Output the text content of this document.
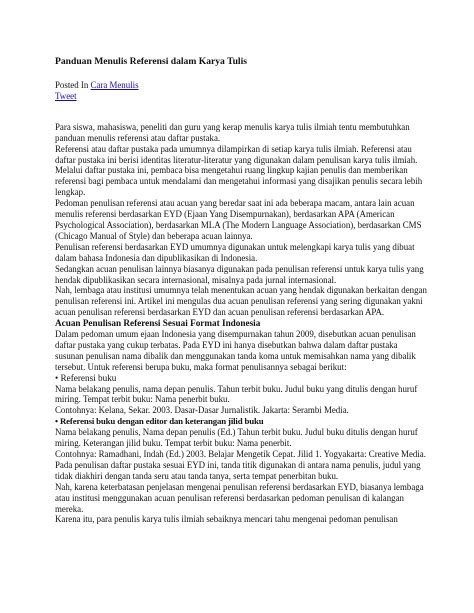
Panduan Menulis Referensi dalam Karya Tulis

Posted In Cara Menulis

Tweet

Para siswa, mahasiswa, peneliti dan guru yang kerap menulis karya tulis ilmiah tentu membutuhkan panduan menulis referensi atau daftar pustaka.

Referensi atau daftar pustaka pada umumnya dilampirkan di setiap karya tulis ilmiah. Referensi atau daftar pustaka ini berisi identitas literatur-literatur yang digunakan dalam penulisan karya tulis ilmiah.

Melalui daftar pustaka ini, pembaca bisa mengetahui ruang lingkup kajian penulis dan memberikan referensi bagi pembaca untuk mendalami dan mengetahui informasi yang disajikan penulis secara lebih lengkap.

Pedoman penulisan referensi atau acuan yang beredar saat ini ada beberapa macam, antara lain acuan menulis referensi berdasarkan EYD (Ejaan Yang Disempurnakan), berdasarkan APA (American Psychological Association), berdasarkan MLA (The Modern Language Association), berdasarkan CMS (Chicago Manual of Style) dan beberapa acuan lainnya.

Penulisan referensi berdasarkan EYD umumnya digunakan untuk melengkapi karya tulis yang dibuat dalam bahasa Indonesia dan dipublikasikan di Indonesia.

Sedangkan acuan penulisan lainnya biasanya digunakan pada penulisan referensi untuk karya tulis yang hendak dipublikasikan secara internasional, misalnya pada jurnal internasional.

Nah, lembaga atau institusi umumnya telah menentukan acuan yang hendak digunakan berkaitan dengan penulisan referensi ini. Artikel ini mengulas dua acuan penulisan referensi yang sering digunakan yakni acuan penulisan referensi berdasarkan EYD dan acuan penulisan referensi berdasarkan APA.

Acuan Penulisan Referensi Sesuai Format Indonesia

Dalam pedoman umum ejaan Indonesia yang disempurnakan tahun 2009, disebutkan acuan penulisan daftar pustaka yang cukup terbatas. Pada EYD ini hanya disebutkan bahwa dalam daftar pustaka susunan penulisan nama dibalik dan menggunakan tanda koma untuk memisahkan nama yang dibalik tersebut. Untuk referensi berupa buku, maka format penulisannya sebagai berikut:

• Referensi buku

Nama belakang penulis, nama depan penulis. Tahun terbit buku. Judul buku yang ditulis dengan huruf miring. Tempat terbit buku: Nama penerbit buku.

Contohnya: Kelana, Sekar. 2003. Dasar-Dasar Jurnalistik. Jakarta: Serambi Media.

• Referensi buku dengan editor dan keterangan jilid buku

Nama belakang penulis, Nama depan penulis (Ed.) Tahun terbit buku. Judul buku ditulis dengan huruf miring. Keterangan jilid buku. Tempat terbit buku: Nama penerbit.

Contohnya: Ramadhani, Indah (Ed.) 2003. Belajar Mengetik Cepat. Jilid 1. Yogyakarta: Creative Media.

Pada penulisan daftar pustaka sesuai EYD ini, tanda titik digunakan di antara nama penulis, judul yang tidak diakhiri dengan tanda seru atau tanda tanya, serta tempat penerbitan buku.

Nah, karena keterbatasan penjelasan mengenai penulisan referensi berdasarkan EYD, biasanya lembaga atau institusi menggunakan acuan penulisan referensi berdasarkan pedoman penulisan di kalangan mereka.

Karena itu, para penulis karya tulis ilmiah sebaiknya mencari tahu mengenai pedoman penulisan
